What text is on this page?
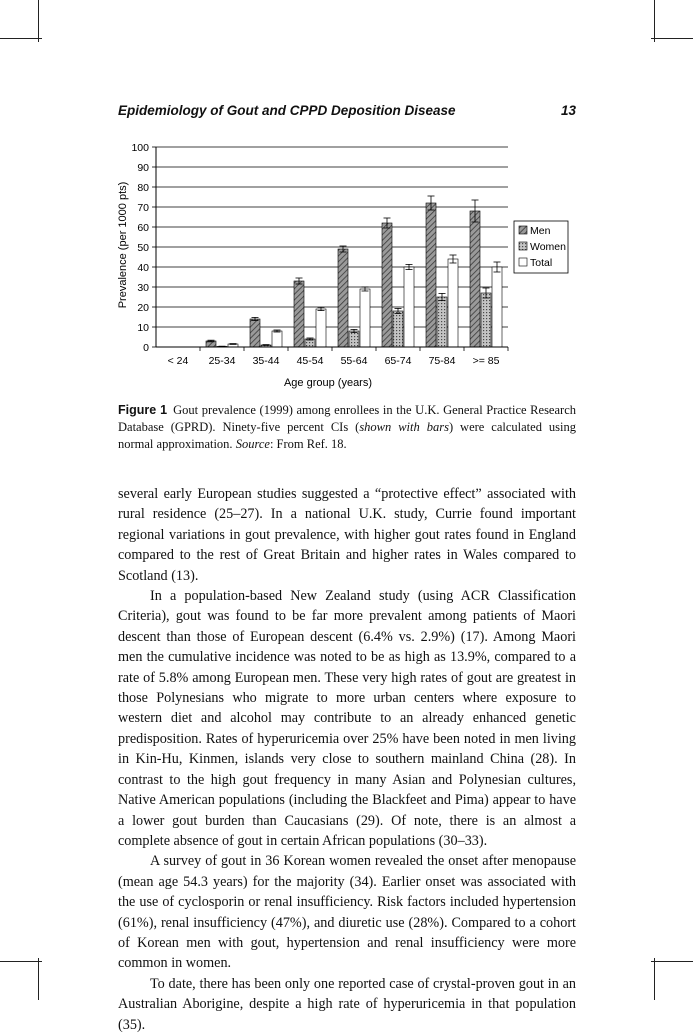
Epidemiology of Gout and CPPD Deposition Disease	13
0
10
20
30
40
50
60
70
80
90
100
< 24 25-34 35-44 45-54 55-64 65-74 75-84 >= 85
Prevalence (per 1000 pts)
Age group (years)
Men
Women
Total
Figure 1 Gout prevalence (1999) among enrollees in the U.K. General Practice Research Database (GPRD). Ninety-five percent CIs (shown with bars) were calculated using normal approximation. Source: From Ref. 18.

several early European studies suggested a “protective effect” associated with rural residence (25–27). In a national U.K. study, Currie found important regional variations in gout prevalence, with higher gout rates found in England compared to the rest of Great Britain and higher rates in Wales compared to Scotland (13).

In a population-based New Zealand study (using ACR Classification Criteria), gout was found to be far more prevalent among patients of Maori descent than those of European descent (6.4% vs. 2.9%) (17). Among Maori men the cumulative incidence was noted to be as high as 13.9%, compared to a rate of 5.8% among European men. These very high rates of gout are greatest in those Polynesians who migrate to more urban centers where exposure to western diet and alcohol may contribute to an already enhanced genetic predisposition. Rates of hyperuricemia over 25% have been noted in men living in Kin-Hu, Kinmen, islands very close to southern mainland China (28). In contrast to the high gout frequency in many Asian and Polynesian cultures, Native American populations (including the Blackfeet and Pima) appear to have a lower gout burden than Caucasians (29). Of note, there is an almost a complete absence of gout in certain African populations (30–33).

A survey of gout in 36 Korean women revealed the onset after menopause (mean age 54.3 years) for the majority (34). Earlier onset was associated with the use of cyclosporin or renal insufficiency. Risk factors included hypertension (61%), renal insufficiency (47%), and diuretic use (28%). Compared to a cohort of Korean men with gout, hypertension and renal insufficiency were more common in women.

To date, there has been only one reported case of crystal-proven gout in an Australian Aborigine, despite a high rate of hyperuricemia in that population (35).
